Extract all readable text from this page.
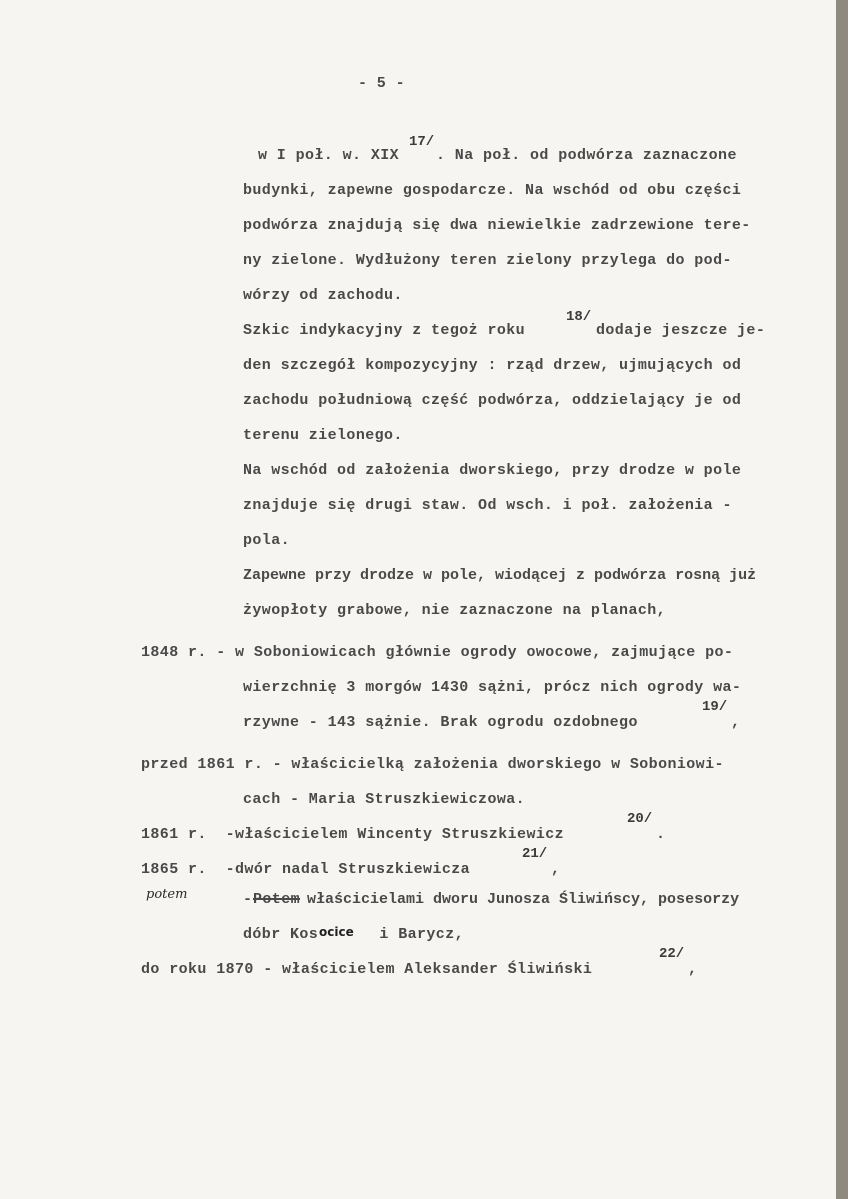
- 5 -
w I poł. w. XIX
17/
. Na poł. od podwórza zaznaczone
budynki, zapewne gospodarcze. Na wschód od obu części
podwórza znajdują się dwa niewielkie zadrzewione tere-
ny zielone. Wydłużony teren zielony przylega do pod-
wórzy od zachodu.
Szkic indykacyjny z tegoż roku
18/
dodaje jeszcze je-
den szczegół kompozycyjny : rząd drzew, ujmujących od
zachodu południową część podwórza, oddzielający je od
terenu zielonego.
Na wschód od założenia dworskiego, przy drodze w pole
znajduje się drugi staw. Od wsch. i poł. założenia -
pola.
Zapewne przy drodze w pole, wiodącej z podwórza rosną już
żywopłoty grabowe, nie zaznaczone na planach,
1848 r. - w Soboniowicach głównie ogrody owocowe, zajmujące po-
wierzchnię 3 morgów 1430 sążni, prócz nich ogrody wa-
rzywne - 143 sążnie. Brak ogrodu ozdobnego
19/
,
przed 1861 r. - właścicielką założenia dworskiego w Soboniowi-
cach - Maria Struszkiewiczowa.
1861 r.  -właścicielem Wincenty Struszkiewicz
20/
.
1865 r.  -dwór nadal Struszkiewicza
21/
,
potem	- Potem
właścicielami dworu Junosza Śliwińscy, posesorzy
dóbr Kos ocice i Barycz,
do roku 1870 - właścicielem Aleksander Śliwiński
22/
,
